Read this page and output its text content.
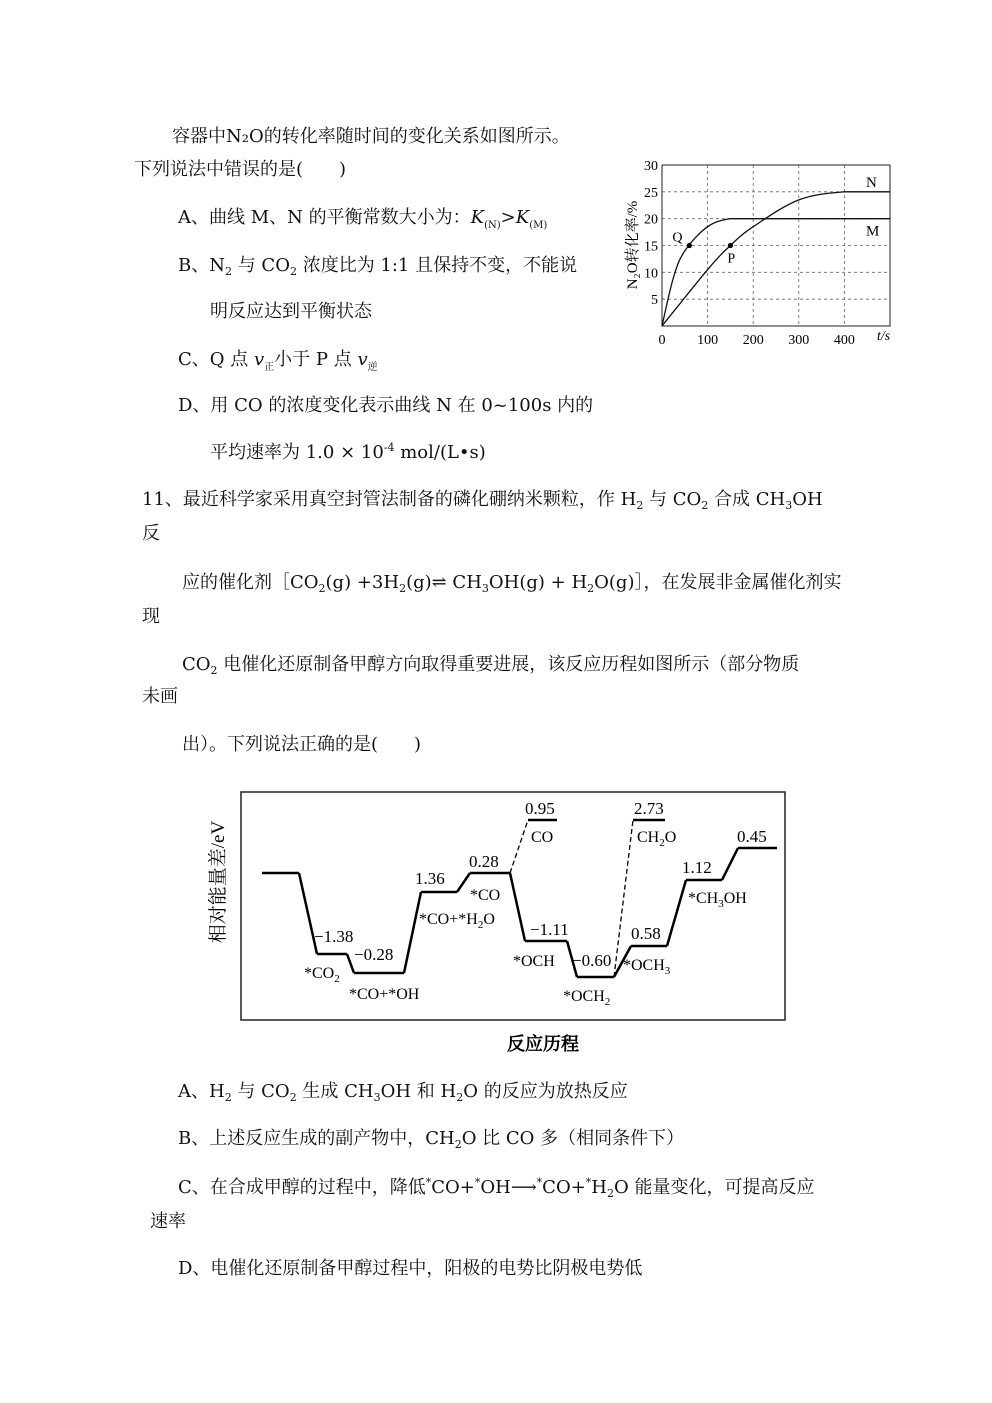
容器中N₂O的转化率随时间的变化关系如图所示。
下列说法中错误的是(　　)
A、曲线 M、N 的平衡常数大小为：$K_{(N)}>K_{(M)}$
B、$N_2$ 与 $CO_2$ 浓度比为 1:1 且保持不变，不能说
明反应达到平衡状态
C、Q 点 $v_正$小于 P 点 $v_逆$
D、用 CO 的浓度变化表示曲线 N 在 0~100s 内的
平均速率为 $1.0 \times 10^{-4}$ mol/(L•s)
N₂O转化率/%
5
10
15
20
25
30
0 100 200 300 400 t/s
N
M
Q
P
11、最近科学家采用真空封管法制备的磷化硼纳米颗粒，作 $H_2$ 与 $CO_2$ 合成 $CH_3OH$
反
应的催化剂$[CO_2(g)$ $+3H_2(g)\rightleftharpoons$ $CH_3OH(g)$ + $H_2O(g)]$，在发展非金属催化剂实
现
$CO_2$ 电催化还原制备甲醇方向取得重要进展，该反应历程如图所示（部分物质
未画
出）。下列说法正确的是(　　)
相对能量差/eV	−1.38
−0.28
1.36
0.28
0.95
−1.11
−0.60
2.73
0.58
1.12
0.45
$*CO_2$
*CO+*OH
*CO
$*CO+*H_2O$
CO
*OCH
$*OCH_2$
$CH_2O$
$*OCH_3$
$*CH_3OH$
反应历程
A、$H_2$ 与 $CO_2$ 生成 $CH_3OH$ 和 $H_2O$ 的反应为放热反应
B、上述反应生成的副产物中，$CH_2O$ 比 CO 多（相同条件下）
C、在合成甲醇的过程中，降低$^*CO+^*OH⟶^*CO+^*H_2O$ 能量变化，可提高反应
速率
D、电催化还原制备甲醇过程中，阳极的电势比阴极电势低
